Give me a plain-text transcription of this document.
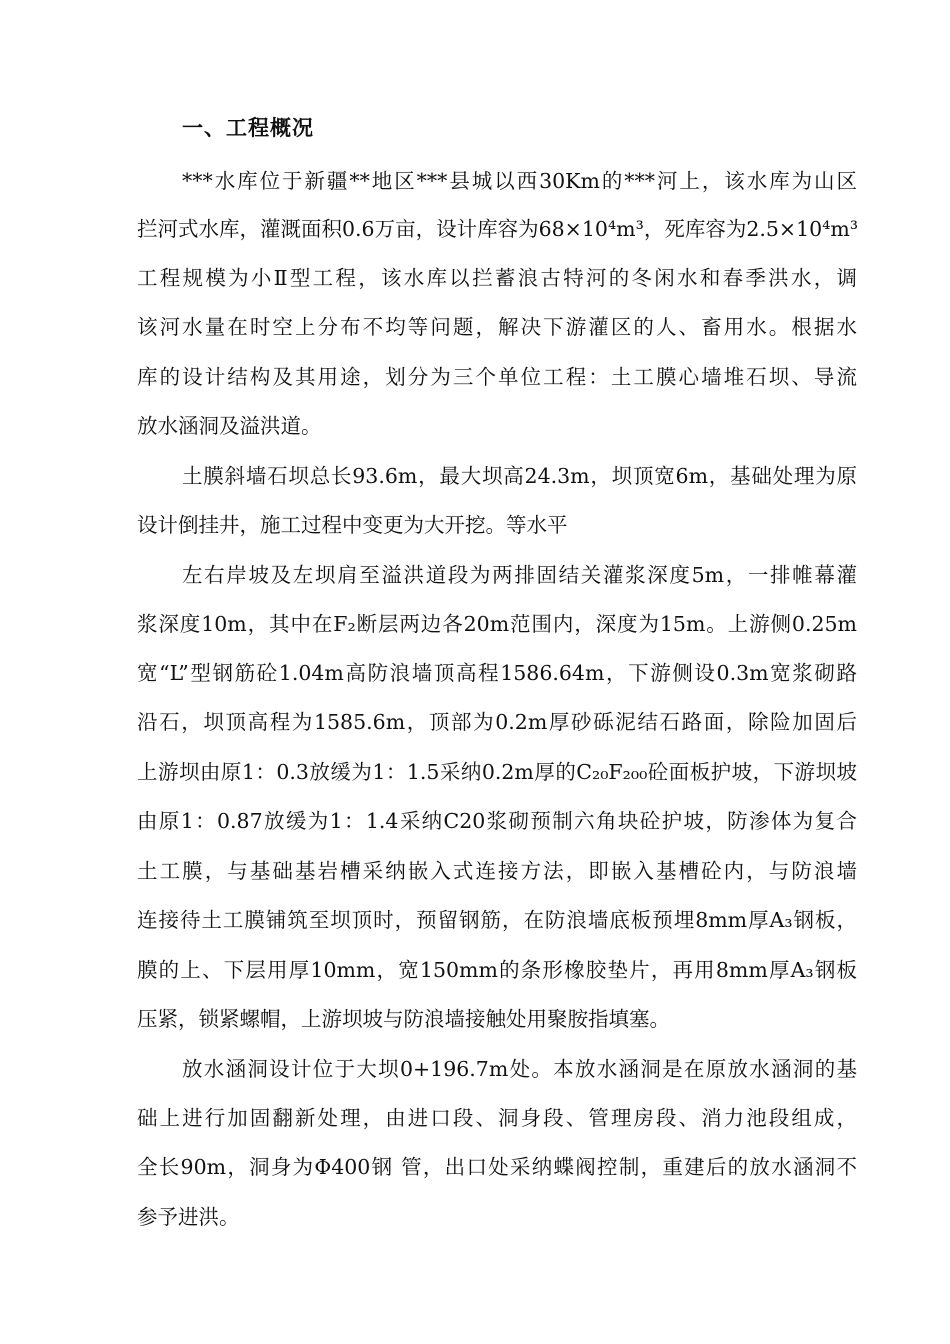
一、工程概况
***水库位于新疆**地区***县城以西30Km的***河上，该水库为山区
拦河式水库，灌溉面积0.6万亩，设计库容为68×10⁴m³，死库容为2.5×10⁴m³
工程规模为小Ⅱ型工程，该水库以拦蓄浪古特河的冬闲水和春季洪水，调
该河水量在时空上分布不均等问题，解决下游灌区的人、畜用水。根据水
库的设计结构及其用途，划分为三个单位工程：土工膜心墙堆石坝、导流
放水涵洞及溢洪道。
土膜斜墙石坝总长93.6m，最大坝高24.3m，坝顶宽6m，基础处理为原
设计倒挂井，施工过程中变更为大开挖。等水平
左右岸坡及左坝肩至溢洪道段为两排固结关灌浆深度5m，一排帷幕灌
浆深度10m，其中在F₂断层两边各20m范围内，深度为15m。上游侧0.25m
宽“L”型钢筋砼1.04m高防浪墙顶高程1586.64m，下游侧设0.3m宽浆砌路
沿石，坝顶高程为1585.6m，顶部为0.2m厚砂砾泥结石路面，除险加固后
上游坝由原1：0.3放缓为1：1.5采纳0.2m厚的C₂₀F₂₀₀砼面板护坡，下游坝坡
由原1：0.87放缓为1：1.4采纳C20浆砌预制六角块砼护坡，防渗体为复合
土工膜，与基础基岩槽采纳嵌入式连接方法，即嵌入基槽砼内，与防浪墙
连接待土工膜铺筑至坝顶时，预留钢筋，在防浪墙底板预埋8mm厚A₃钢板，
膜的上、下层用厚10mm，宽150mm的条形橡胶垫片，再用8mm厚A₃钢板
压紧，锁紧螺帽，上游坝坡与防浪墙接触处用聚胺指填塞。
放水涵洞设计位于大坝0+196.7m处。本放水涵洞是在原放水涵洞的基
础上进行加固翻新处理，由进口段、洞身段、管理房段、消力池段组成，
全长90m，洞身为Φ400钢 管，出口处采纳蝶阀控制，重建后的放水涵洞不
参予进洪。
